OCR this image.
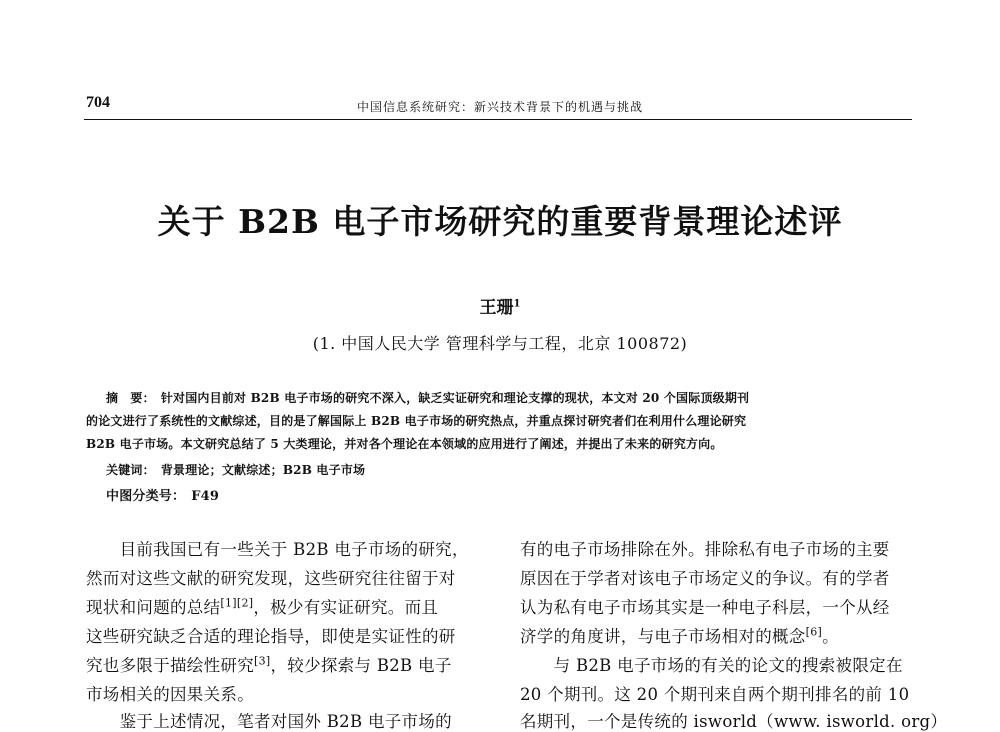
704	中国信息系统研究：新兴技术背景下的机遇与挑战
关于 B2B 电子市场研究的重要背景理论述评
王珊$^1$
(1. 中国人民大学 管理科学与工程，北京 100872)
摘　要： 针对国内目前对 B2B 电子市场的研究不深入，缺乏实证研究和理论支撑的现状，本文对 20 个国际顶级期刊
的论文进行了系统性的文献综述，目的是了解国际上 B2B 电子市场的研究热点，并重点探讨研究者们在利用什么理论研究
B2B 电子市场。本文研究总结了 5 大类理论，并对各个理论在本领域的应用进行了阐述，并提出了未来的研究方向。
关键词： 背景理论；文献综述；B2B 电子市场
中图分类号： F49
　　目前我国已有一些关于 B2B 电子市场的研究，
然而对这些文献的研究发现，这些研究往往留于对
现状和问题的总结[1][2]，极少有实证研究。而且
这些研究缺乏合适的理论指导，即使是实证性的研
究也多限于描绘性研究[3]，较少探索与 B2B 电子
市场相关的因果关系。
　　鉴于上述情况，笔者对国外 B2B 电子市场的
有的电子市场排除在外。排除私有电子市场的主要
原因在于学者对该电子市场定义的争议。有的学者
认为私有电子市场其实是一种电子科层，一个从经
济学的角度讲，与电子市场相对的概念[6]。
　　与 B2B 电子市场的有关的论文的搜索被限定在
20 个期刊。这 20 个期刊来自两个期刊排名的前 10
名期刊，一个是传统的 isworld（www. isworld. org）
